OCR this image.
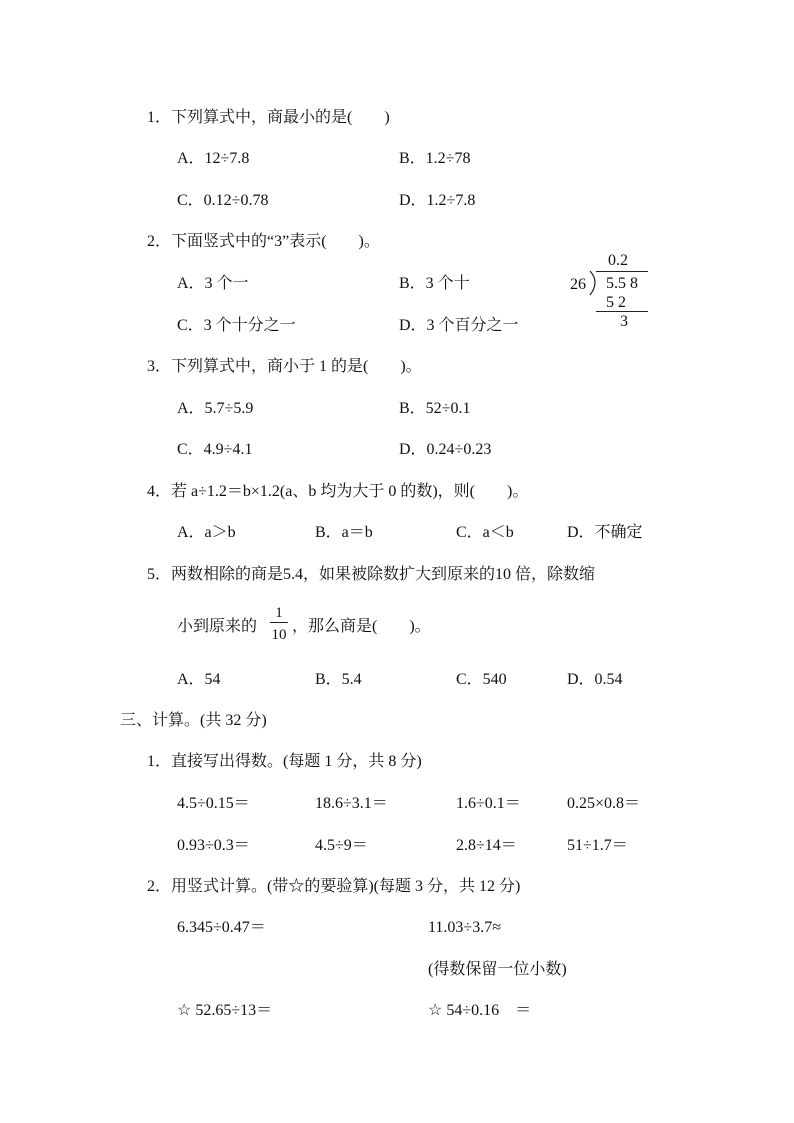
1．下列算式中，商最小的是(　　)
A．12÷7.8	B．1.2÷78
C．0.12÷0.78	D．1.2÷7.8
2．下面竖式中的“3”表示(　　)。
A．3 个一	B．3 个十
C．3 个十分之一	D．3 个百分之一
0.2
26 5.5 8
5 2
3
3．下列算式中，商小于 1 的是(　　)。
A．5.7÷5.9	B．52÷0.1
C．4.9÷4.1	D．0.24÷0.23
4．若 a÷1.2＝b×1.2(a、b 均为大于 0 的数)，则(　　)。
A．a＞b	B．a＝b	C．a＜b	D．不确定
5．两数相除的商是5.4，如果被除数扩大到原来的10 倍，除数缩
小到原来的
1
10 ，那么商是(　　)。
A．54	B．5.4	C．540	D．0.54
三、计算。(共 32 分)
1．直接写出得数。(每题 1 分，共 8 分)
4.5÷0.15＝	18.6÷3.1＝	1.6÷0.1＝	0.25×0.8＝
0.93÷0.3＝	4.5÷9＝	2.8÷14＝	51÷1.7＝
2．用竖式计算。(带☆的要验算)(每题 3 分，共 12 分)
6.345÷0.47＝	11.03÷3.7≈
(得数保留一位小数)
☆ 52.65÷13＝	☆ 54÷0.16　＝
